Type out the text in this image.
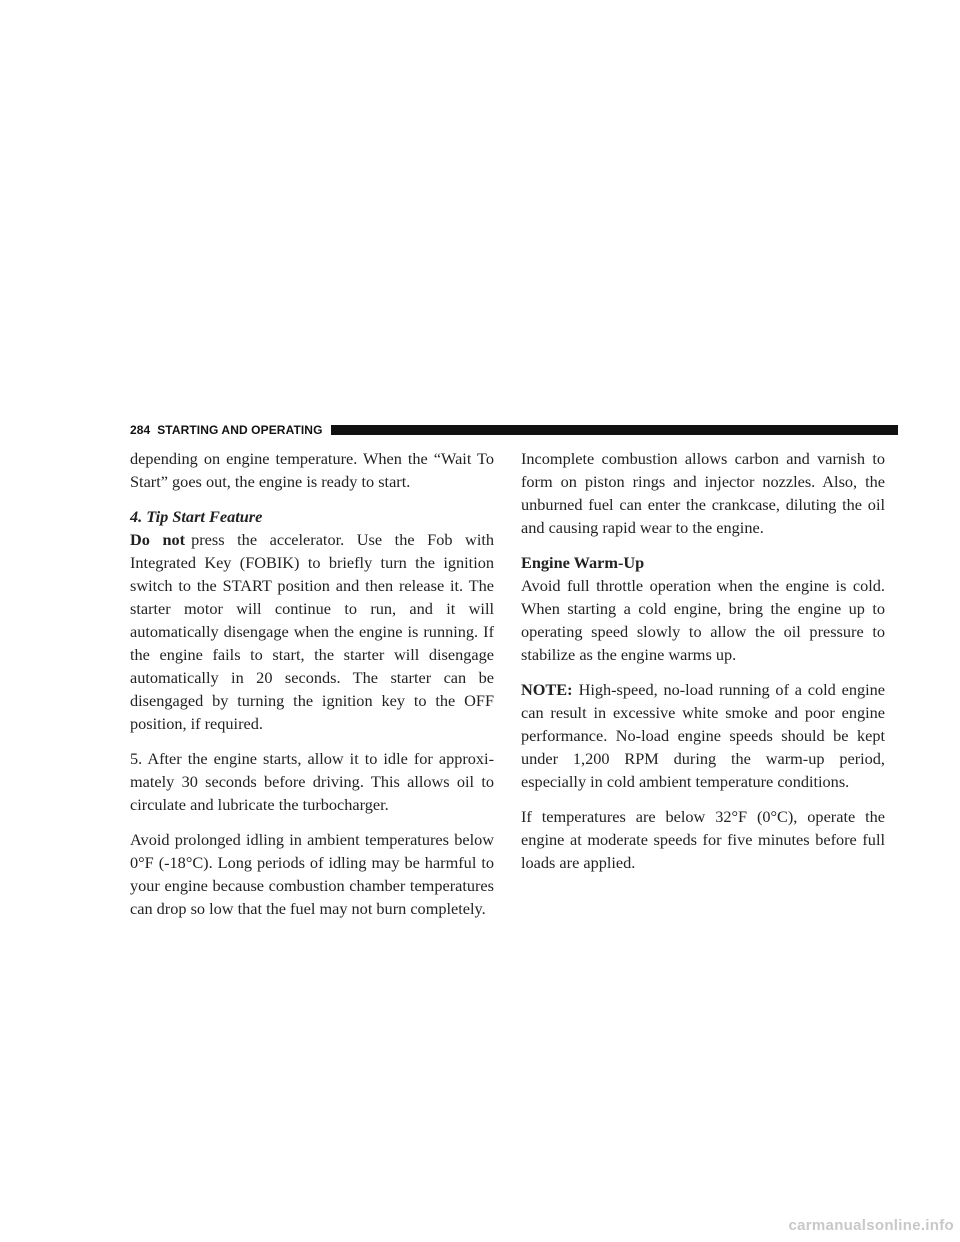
284 STARTING AND OPERATING

depending on engine temperature. When the “Wait To Start” goes out, the engine is ready to start.

4. Tip Start Feature
Do not press the accelerator. Use the Fob with Integrated Key (FOBIK) to briefly turn the ignition switch to the START position and then release it. The starter motor will continue to run, and it will automatically disengage when the engine is running. If the engine fails to start, the starter will disengage automatically in 20 seconds. The starter can be disengaged by turning the ignition key to the OFF position, if required.

5. After the engine starts, allow it to idle for approxi-mately 30 seconds before driving. This allows oil to circulate and lubricate the turbocharger.

Avoid prolonged idling in ambient temperatures below 0°F (-18°C). Long periods of idling may be harmful to your engine because combustion chamber temperatures can drop so low that the fuel may not burn completely.

Incomplete combustion allows carbon and varnish to form on piston rings and injector nozzles. Also, the unburned fuel can enter the crankcase, diluting the oil and causing rapid wear to the engine.

Engine Warm-Up
Avoid full throttle operation when the engine is cold. When starting a cold engine, bring the engine up to operating speed slowly to allow the oil pressure to stabilize as the engine warms up.

NOTE: High-speed, no-load running of a cold engine can result in excessive white smoke and poor engine performance. No-load engine speeds should be kept under 1,200 RPM during the warm-up period, especially in cold ambient temperature conditions.

If temperatures are below 32°F (0°C), operate the engine at moderate speeds for five minutes before full loads are applied.

carmanualsonline.info
